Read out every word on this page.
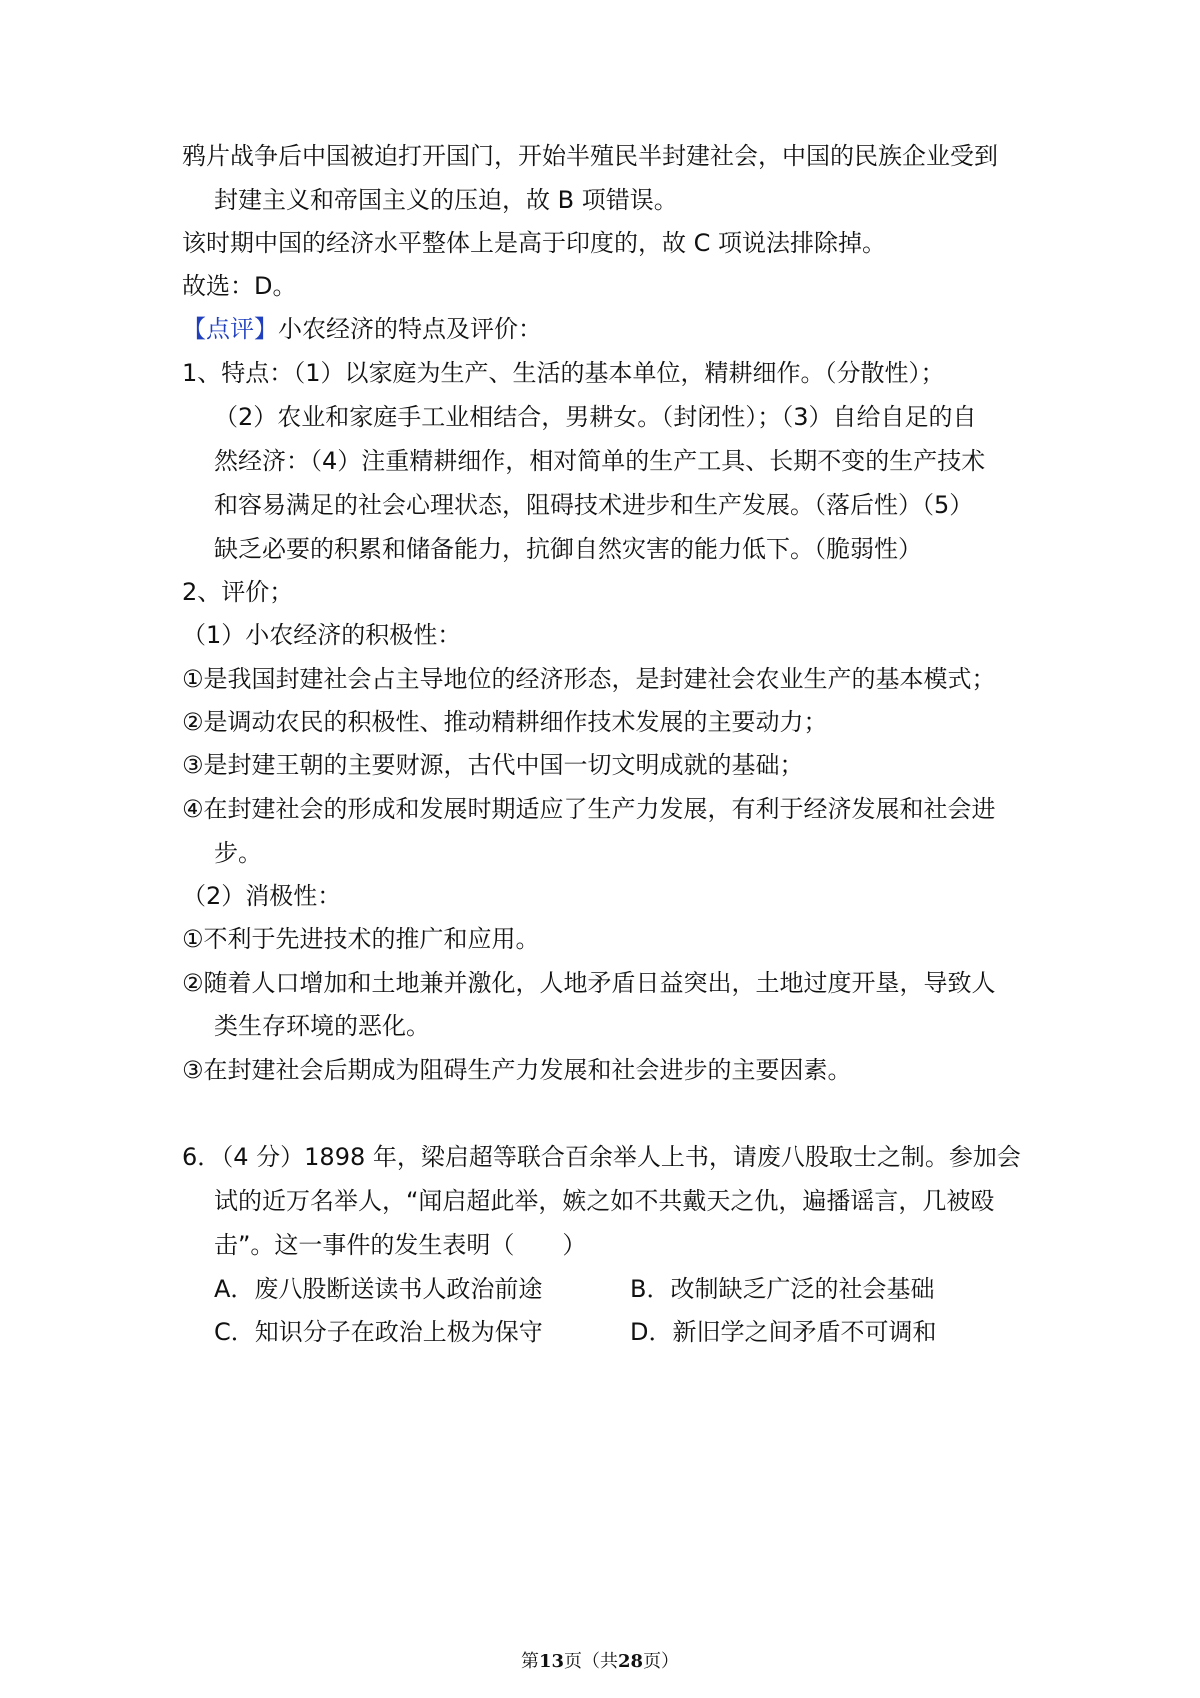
鸦片战争后中国被迫打开国门，开始半殖民半封建社会，中国的民族企业受到
封建主义和帝国主义的压迫，故 B 项错误。
该时期中国的经济水平整体上是高于印度的，故 C 项说法排除掉。
故选：D。
【点评】小农经济的特点及评价：
1、特点：（1）以家庭为生产、生活的基本单位，精耕细作。（分散性）；
（2）农业和家庭手工业相结合，男耕女。（封闭性）；（3）自给自足的自
然经济：（4）注重精耕细作，相对简单的生产工具、长期不变的生产技术
和容易满足的社会心理状态，阻碍技术进步和生产发展。（落后性）（5）
缺乏必要的积累和储备能力，抗御自然灾害的能力低下。（脆弱性）
2、评价；
（1）小农经济的积极性：
①是我国封建社会占主导地位的经济形态，是封建社会农业生产的基本模式；
②是调动农民的积极性、推动精耕细作技术发展的主要动力；
③是封建王朝的主要财源，古代中国一切文明成就的基础；
④在封建社会的形成和发展时期适应了生产力发展，有利于经济发展和社会进
步。
（2）消极性：
①不利于先进技术的推广和应用。
②随着人口增加和土地兼并激化，人地矛盾日益突出，土地过度开垦，导致人
类生存环境的恶化。
③在封建社会后期成为阻碍生产力发展和社会进步的主要因素。
6．（4 分）1898 年，梁启超等联合百余举人上书，请废八股取士之制。参加会
试的近万名举人，“闻启超此举，嫉之如不共戴天之仇，遍播谣言，几被殴
击”。这一事件的发生表明（　　）
A．废八股断送读书人政治前途	B．改制缺乏广泛的社会基础
C．知识分子在政治上极为保守	D．新旧学之间矛盾不可调和
第13页（共28页）
